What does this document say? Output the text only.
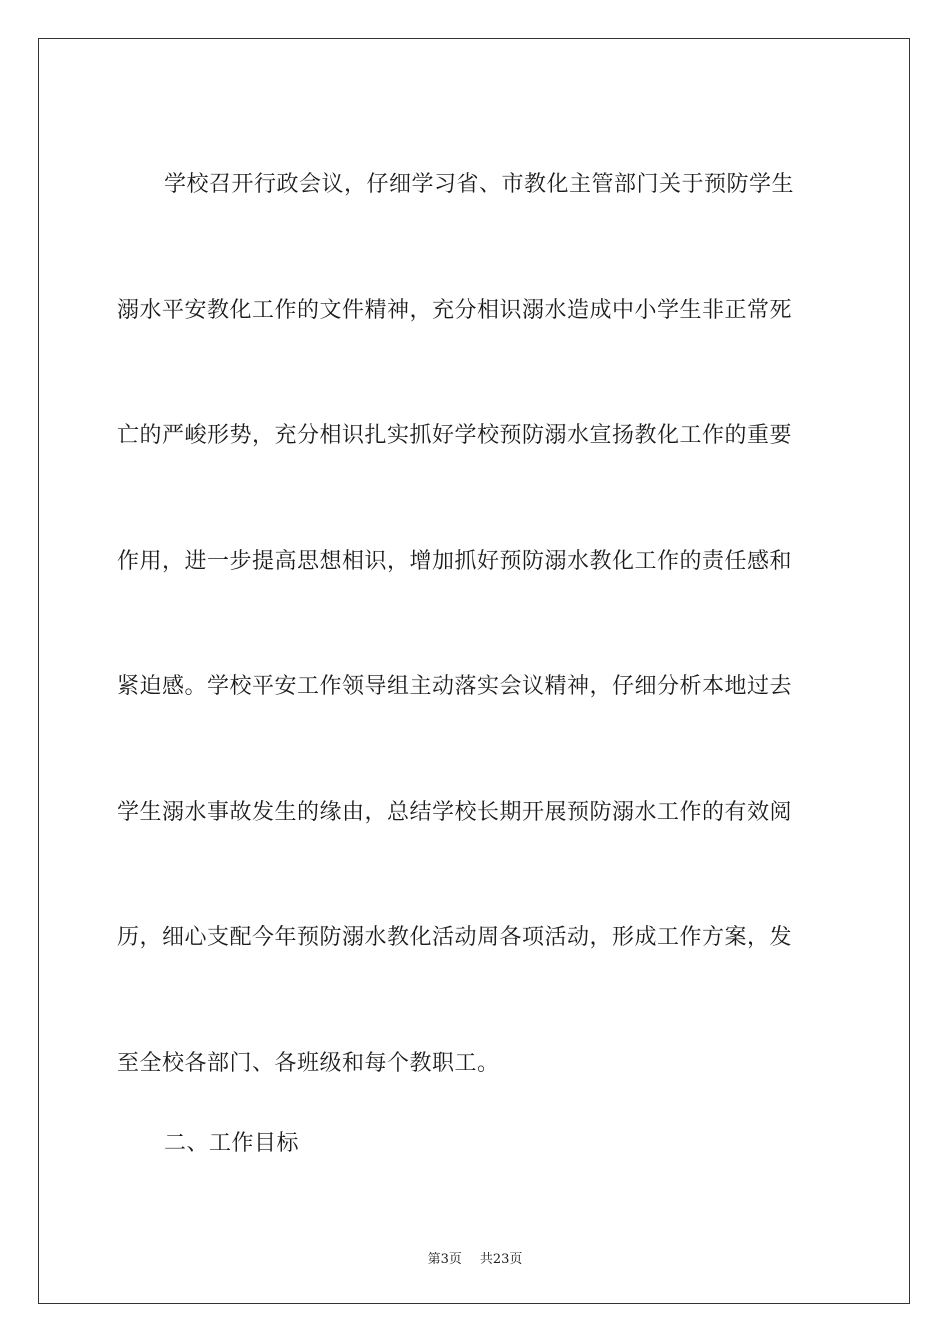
学校召开行政会议，仔细学习省、市教化主管部门关于预防学生
溺水平安教化工作的文件精神，充分相识溺水造成中小学生非正常死
亡的严峻形势，充分相识扎实抓好学校预防溺水宣扬教化工作的重要
作用，进一步提高思想相识，增加抓好预防溺水教化工作的责任感和
紧迫感。学校平安工作领导组主动落实会议精神，仔细分析本地过去
学生溺水事故发生的缘由，总结学校长期开展预防溺水工作的有效阅
历，细心支配今年预防溺水教化活动周各项活动，形成工作方案，发
至全校各部门、各班级和每个教职工。
二、工作目标
第3页 共23页
